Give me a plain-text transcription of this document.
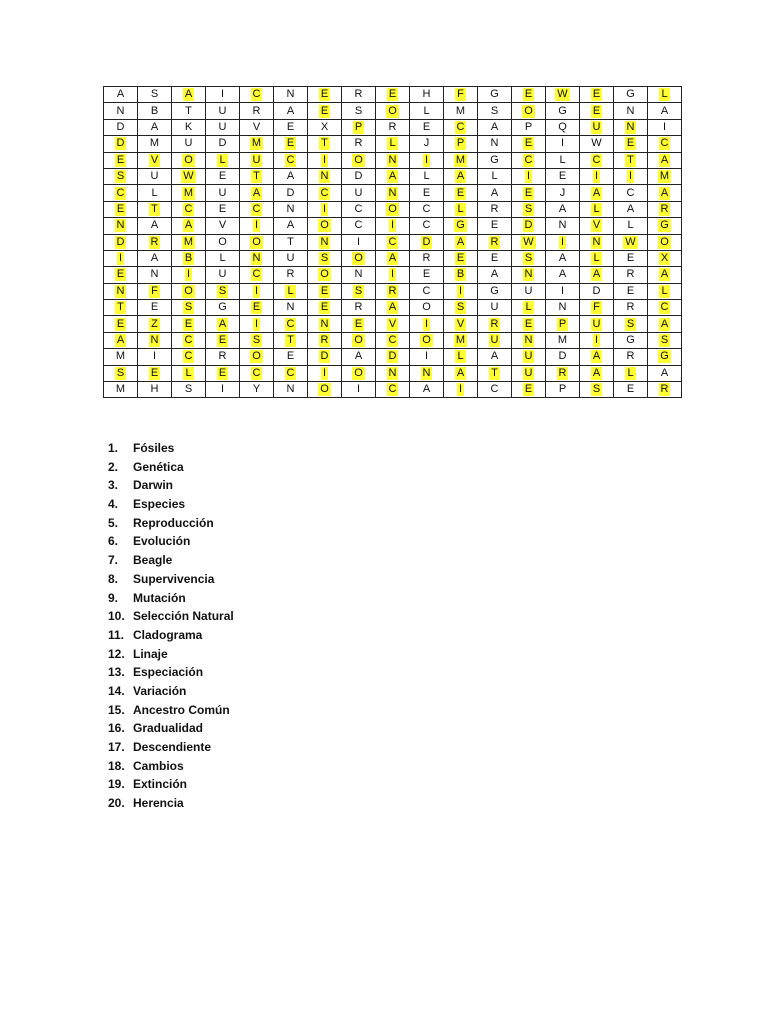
A	S	A	I	C	N	E	R	E	H	F	G	E	W	E	G	L
N	B	T	U	R	A	E	S	O	L	M	S	O	G	E	N	A
D	A	K	U	V	E	X	P	R	E	C	A	P	Q	U	N	I
D	M	U	D	M	E	T	R	L	J	P	N	E	I	W	E	C
E	V	O	L	U	C	I	O	N	I	M	G	C	L	C	T	A
S	U	W	E	T	A	N	D	A	L	A	L	I	E	I	I	M
C	L	M	U	A	D	C	U	N	E	E	A	E	J	A	C	A
E	T	C	E	C	N	I	C	O	C	L	R	S	A	L	A	R
N	A	A	V	I	A	O	C	I	C	G	E	D	N	V	L	G
D	R	M	O	O	T	N	I	C	D	A	R	W	I	N	W	O
I	A	B	L	N	U	S	O	A	R	E	E	S	A	L	E	X
E	N	I	U	C	R	O	N	I	E	B	A	N	A	A	R	A
N	F	O	S	I	L	E	S	R	C	I	G	U	I	D	E	L
T	E	S	G	E	N	E	R	A	O	S	U	L	N	F	R	C
E	Z	E	A	I	C	N	E	V	I	V	R	E	P	U	S	A
A	N	C	E	S	T	R	O	C	O	M	U	N	M	I	G	S
M	I	C	R	O	E	D	A	D	I	L	A	U	D	A	R	G
S	E	L	E	C	C	I	O	N	N	A	T	U	R	A	L	A
M	H	S	I	Y	N	O	I	C	A	I	C	E	P	S	E	R
1. Fósiles
2. Genética
3. Darwin
4. Especies
5. Reproducción
6. Evolución
7. Beagle
8. Supervivencia
9. Mutación
10. Selección Natural
11. Cladograma
12. Linaje
13. Especiación
14. Variación
15. Ancestro Común
16. Gradualidad
17. Descendiente
18. Cambios
19. Extinción
20. Herencia
